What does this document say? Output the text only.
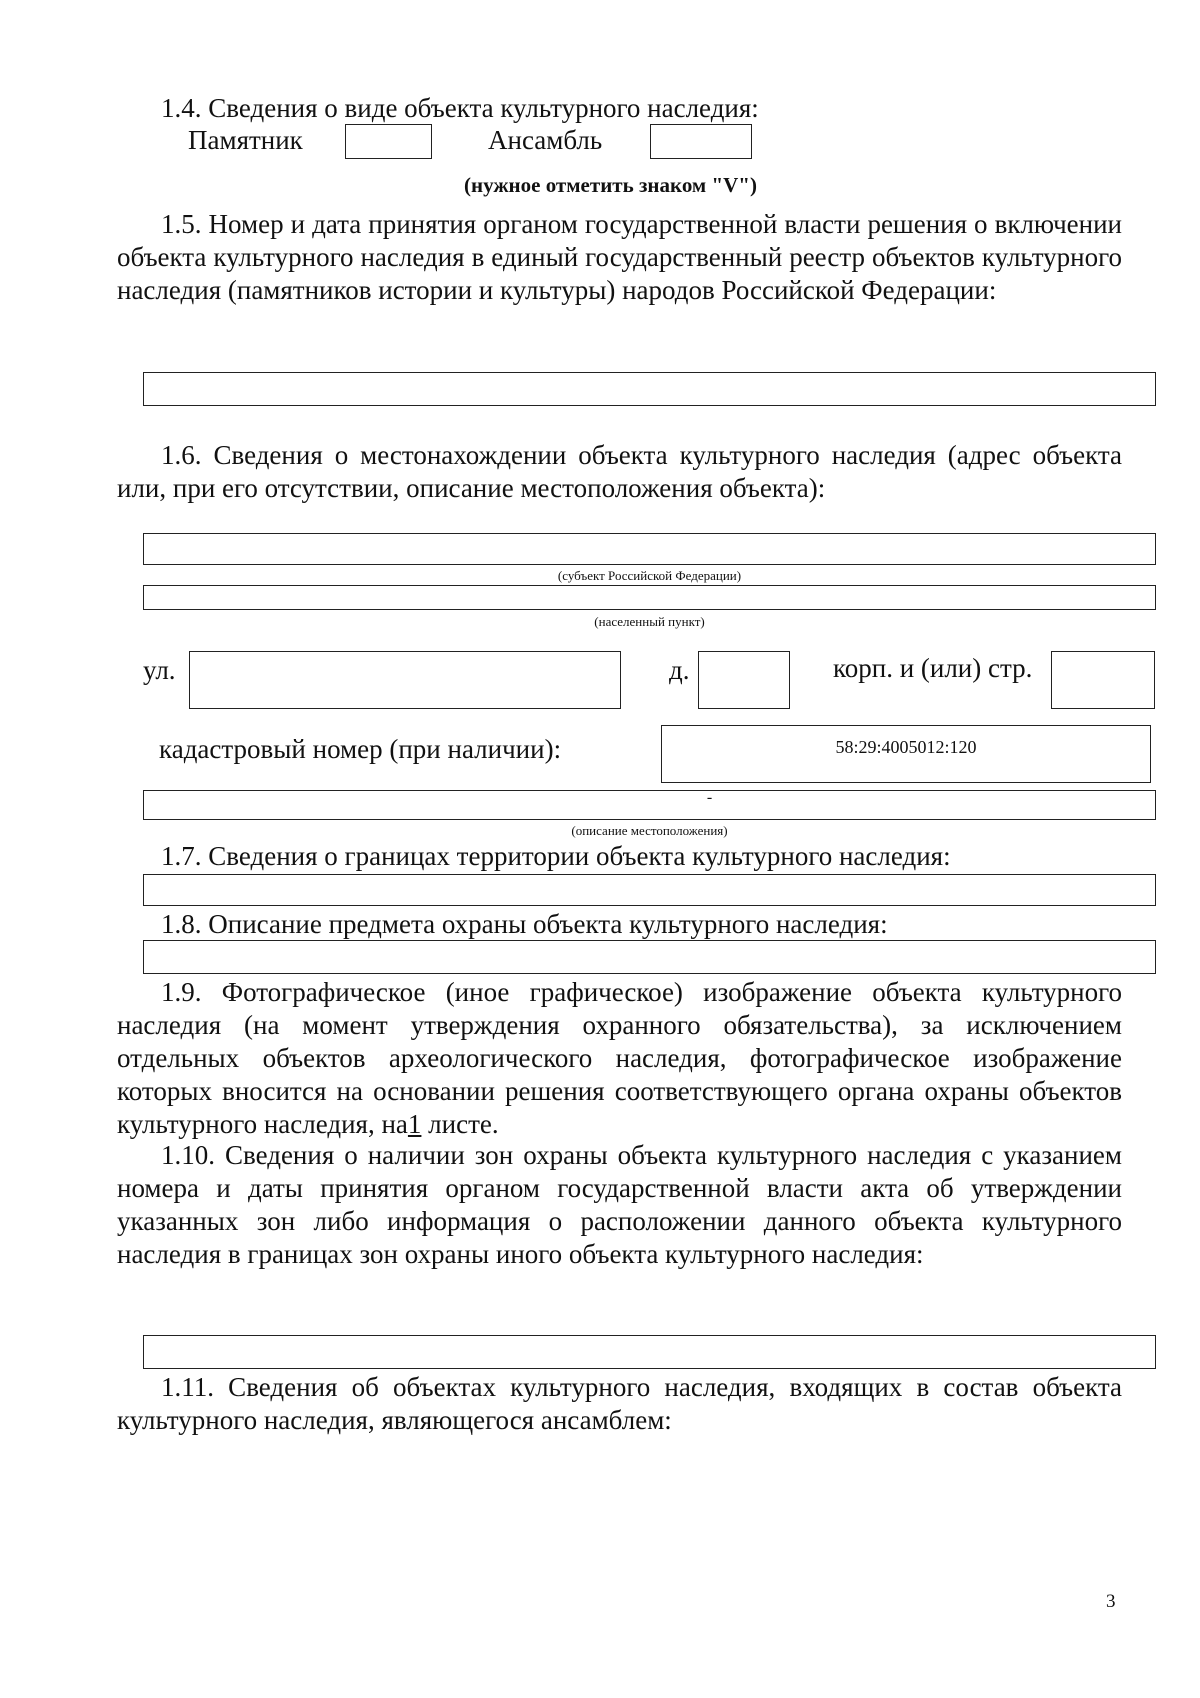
1.4. Сведения о виде объекта культурного наследия:
Памятник	Ансамбль
(нужное отметить знаком "V")
1.5. Номер и дата принятия органом государственной власти решения о включении объекта культурного наследия в единый государственный реестр объектов культурного наследия (памятников истории и культуры) народов Российской Федерации:
1.6. Сведения о местонахождении объекта культурного наследия (адрес объекта или, при его отсутствии, описание местоположения объекта):
(субъект Российской Федерации)
(населенный пункт)
ул.	д.	корп. и (или) стр.
кадастровый номер (при наличии):	58:29:4005012:120
-
(описание местоположения)
1.7. Сведения о границах территории объекта культурного наследия:
1.8. Описание предмета охраны объекта культурного наследия:
1.9. Фотографическое (иное графическое) изображение объекта культурного наследия (на момент утверждения охранного обязательства), за исключением отдельных объектов археологического наследия, фотографическое изображение которых вносится на основании решения соответствующего органа охраны объектов культурного наследия, на1 листе.
1.10. Сведения о наличии зон охраны объекта культурного наследия с указанием номера и даты принятия органом государственной власти акта об утверждении указанных зон либо информация о расположении данного объекта культурного наследия в границах зон охраны иного объекта культурного наследия:
1.11. Сведения об объектах культурного наследия, входящих в состав объекта культурного наследия, являющегося ансамблем:
3
